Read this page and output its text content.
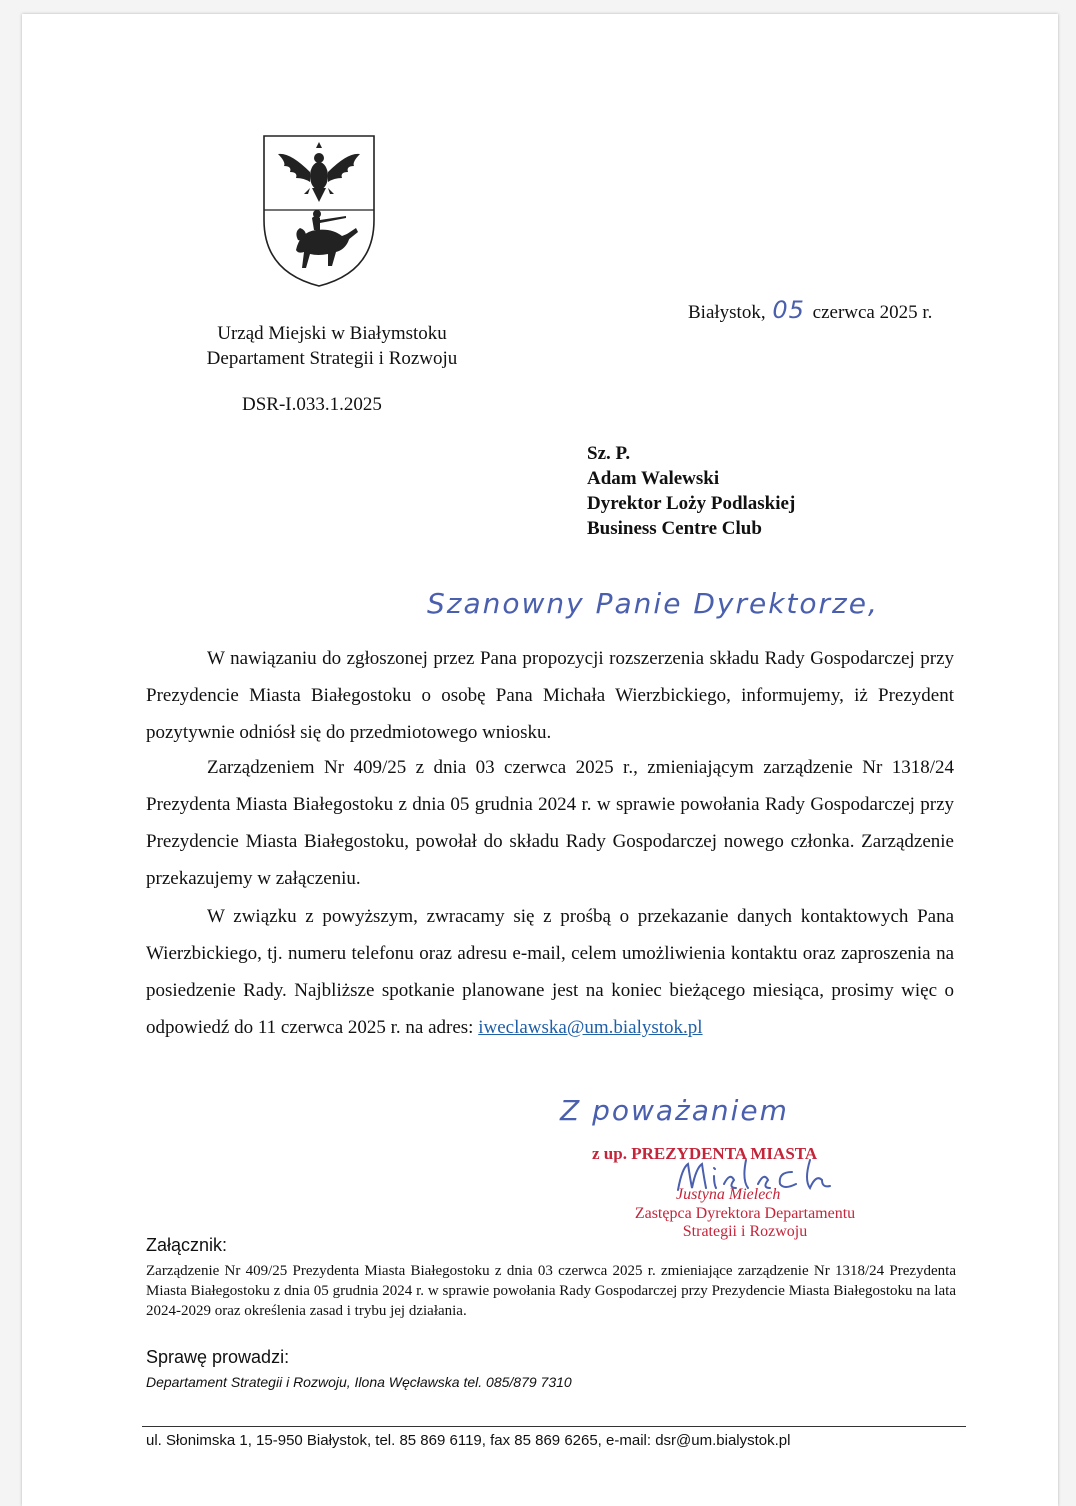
Białystok, 05 czerwca 2025 r.
Urząd Miejski w Białymstoku
Departament Strategii i Rozwoju
DSR-I.033.1.2025
Sz. P.
Adam Walewski
Dyrektor Loży Podlaskiej
Business Centre Club
Szanowny Panie Dyrektorze,
W nawiązaniu do zgłoszonej przez Pana propozycji rozszerzenia składu Rady Gospodarczej przy Prezydencie Miasta Białegostoku o osobę Pana Michała Wierzbickiego, informujemy, iż Prezydent pozytywnie odniósł się do przedmiotowego wniosku.
Zarządzeniem Nr 409/25 z dnia 03 czerwca 2025 r., zmieniającym zarządzenie Nr 1318/24 Prezydenta Miasta Białegostoku z dnia 05 grudnia 2024 r. w sprawie powołania Rady Gospodarczej przy Prezydencie Miasta Białegostoku, powołał do składu Rady Gospodarczej nowego członka. Zarządzenie przekazujemy w załączeniu.
W związku z powyższym, zwracamy się z prośbą o przekazanie danych kontaktowych Pana Wierzbickiego, tj. numeru telefonu oraz adresu e-mail, celem umożliwienia kontaktu oraz zaproszenia na posiedzenie Rady. Najbliższe spotkanie planowane jest na koniec bieżącego miesiąca, prosimy więc o odpowiedź do 11 czerwca 2025 r. na adres: iweclawska@um.bialystok.pl
Z poważaniem
z up. PREZYDENTA MIASTA
Justyna Mielech
Zastępca Dyrektora Departamentu
Strategii i Rozwoju
Załącznik:
Zarządzenie Nr 409/25 Prezydenta Miasta Białegostoku z dnia 03 czerwca 2025 r. zmieniające zarządzenie Nr 1318/24 Prezydenta Miasta Białegostoku z dnia 05 grudnia 2024 r. w sprawie powołania Rady Gospodarczej przy Prezydencie Miasta Białegostoku na lata 2024-2029 oraz określenia zasad i trybu jej działania.
Sprawę prowadzi:
Departament Strategii i Rozwoju, Ilona Węcławska tel. 085/879 7310
ul. Słonimska 1, 15-950 Białystok, tel. 85 869 6119, fax 85 869 6265, e-mail: dsr@um.bialystok.pl
